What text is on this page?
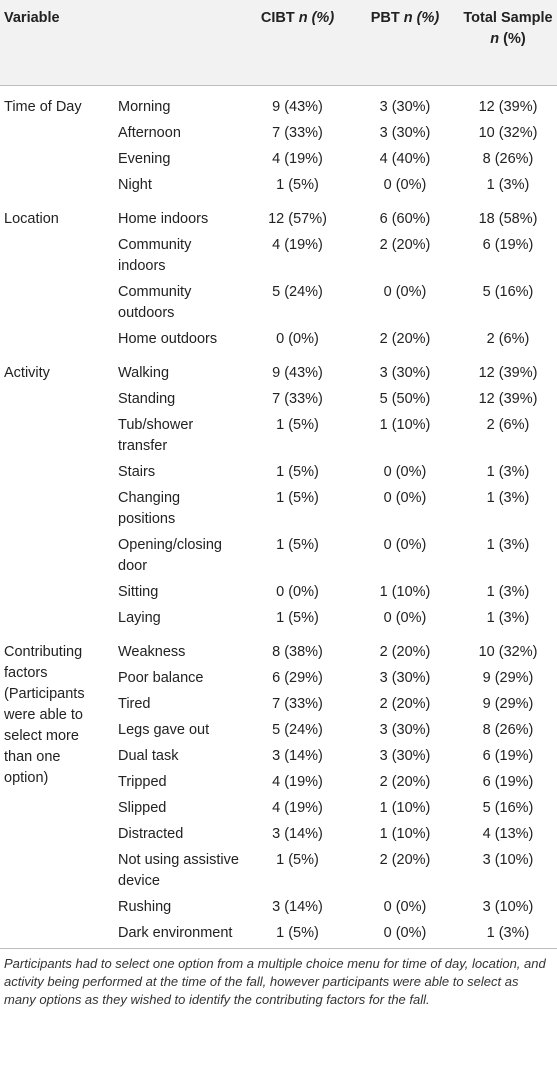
Variable		CIBT n (%)	PBT n (%)	Total Sample
n (%)
Time of Day	Morning	9 (43%)	3 (30%)	12 (39%)
	Afternoon	7 (33%)	3 (30%)	10 (32%)
	Evening	4 (19%)	4 (40%)	8 (26%)
	Night	1 (5%)	0 (0%)	1 (3%)
Location	Home indoors	12 (57%)	6 (60%)	18 (58%)
	Community indoors	4 (19%)	2 (20%)	6 (19%)
	Community outdoors	5 (24%)	0 (0%)	5 (16%)
	Home outdoors	0 (0%)	2 (20%)	2 (6%)
Activity	Walking	9 (43%)	3 (30%)	12 (39%)
	Standing	7 (33%)	5 (50%)	12 (39%)
	Tub/shower transfer	1 (5%)	1 (10%)	2 (6%)
	Stairs	1 (5%)	0 (0%)	1 (3%)
	Changing positions	1 (5%)	0 (0%)	1 (3%)
	Opening/closing door	1 (5%)	0 (0%)	1 (3%)
	Sitting	0 (0%)	1 (10%)	1 (3%)
	Laying	1 (5%)	0 (0%)	1 (3%)
Contributing factors (Participants were able to select more than one option)	Weakness	8 (38%)	2 (20%)	10 (32%)
	Poor balance	6 (29%)	3 (30%)	9 (29%)
	Tired	7 (33%)	2 (20%)	9 (29%)
	Legs gave out	5 (24%)	3 (30%)	8 (26%)
	Dual task	3 (14%)	3 (30%)	6 (19%)
	Tripped	4 (19%)	2 (20%)	6 (19%)
	Slipped	4 (19%)	1 (10%)	5 (16%)
	Distracted	3 (14%)	1 (10%)	4 (13%)
	Not using assistive device	1 (5%)	2 (20%)	3 (10%)
	Rushing	3 (14%)	0 (0%)	3 (10%)
	Dark environment	1 (5%)	0 (0%)	1 (3%)
Participants had to select one option from a multiple choice menu for time of day, location, and activity being performed at the time of the fall, however participants were able to select as many options as they wished to identify the contributing factors for the fall.
